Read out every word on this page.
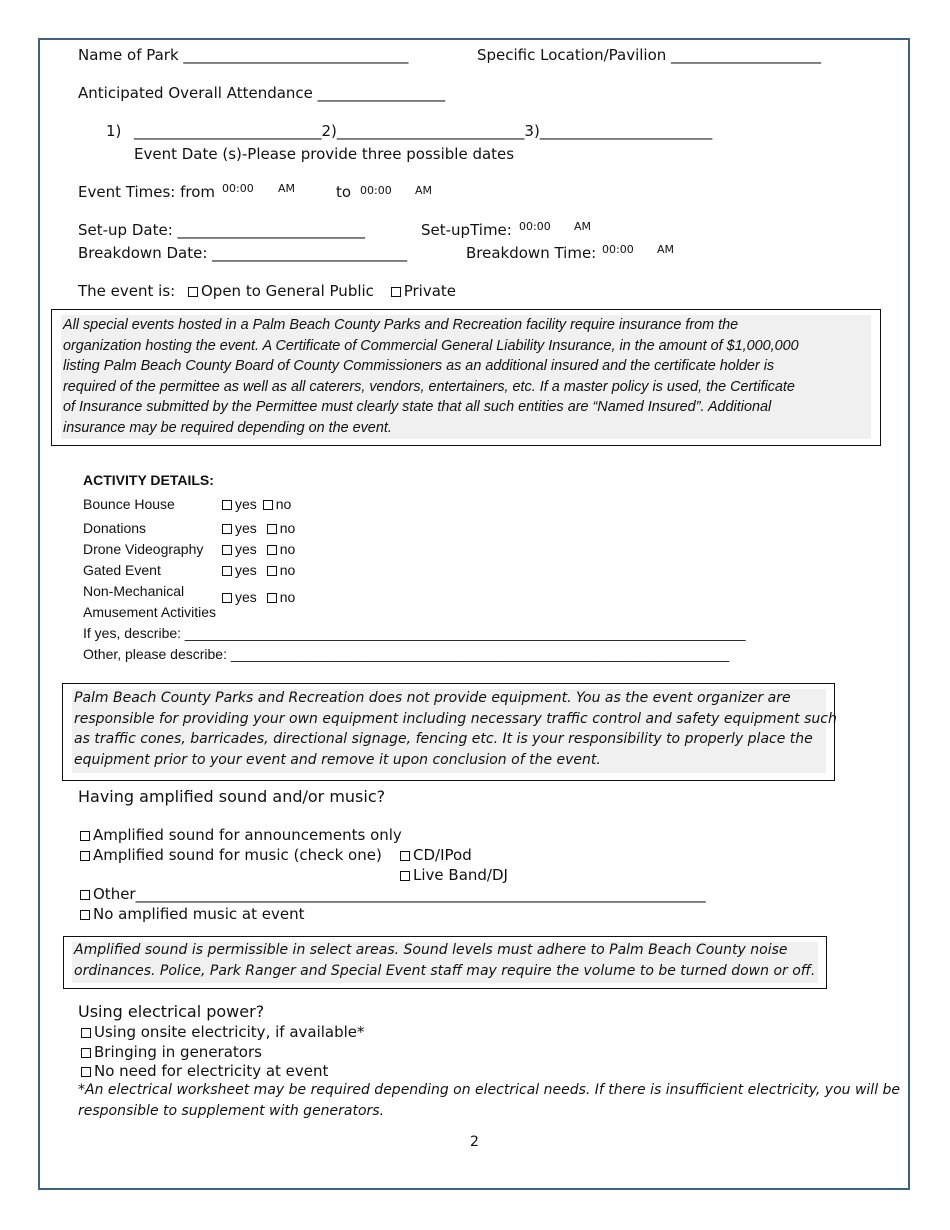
Name of Park ______________________________	Specific Location/Pavilion ____________________
Anticipated Overall Attendance _________________
1) _________________________2)_________________________3)_______________________
Event Date (s)-Please provide three possible dates
Event Times: from 00:00 AM	to 00:00 AM
Set-up Date: _________________________	Set-upTime: 00:00 AM
Breakdown Date: __________________________	Breakdown Time: 00:00 AM
The event is: Open to General Public Private
All special events hosted in a Palm Beach County Parks and Recreation facility require insurance from the
organization hosting the event. A Certificate of Commercial General Liability Insurance, in the amount of $1,000,000
listing Palm Beach County Board of County Commissioners as an additional insured and the certificate holder is
required of the permittee as well as all caterers, vendors, entertainers, etc. If a master policy is used, the Certificate
of Insurance submitted by the Permittee must clearly state that all such entities are “Named Insured”. Additional
insurance may be required depending on the event.
ACTIVITY DETAILS:
Bounce House	yes no
Donations	yes no
Drone Videography	yes no
Gated Event	yes no
Non-Mechanical
Amusement Activities
yes no
If yes, describe: ________________________________________________________________________
Other, please describe: ________________________________________________________________
Palm Beach County Parks and Recreation does not provide equipment. You as the event organizer are
responsible for providing your own equipment including necessary traffic control and safety equipment such
as traffic cones, barricades, directional signage, fencing etc. It is your responsibility to properly place the
equipment prior to your event and remove it upon conclusion of the event.
Having amplified sound and/or music?
Amplified sound for announcements only
Amplified sound for music (check one)	CD/IPod
Live Band/DJ
Other____________________________________________________________________________
No amplified music at event
Amplified sound is permissible in select areas. Sound levels must adhere to Palm Beach County noise
ordinances. Police, Park Ranger and Special Event staff may require the volume to be turned down or off.
Using electrical power?
Using onsite electricity, if available*
Bringing in generators
No need for electricity at event
*An electrical worksheet may be required depending on electrical needs. If there is insufficient electricity, you will be
responsible to supplement with generators.
2
